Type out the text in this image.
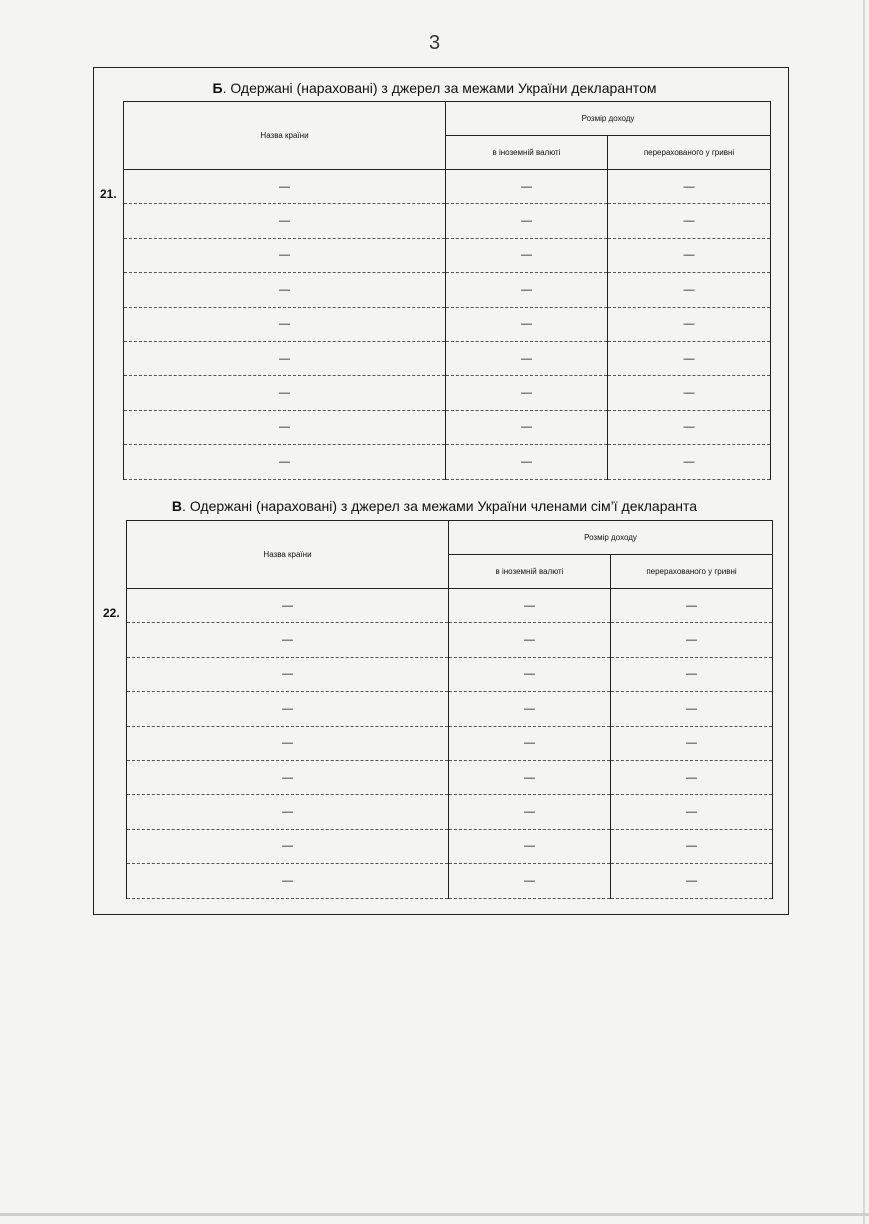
3
Б. Одержані (нараховані) з джерел за межами України декларантом
21.
Назва країни	Розмір доходу	
	в іноземній валюті	перерахованого у гривні
—	—	—
—	—	—
—	—	—
—	—	—
—	—	—
—	—	—
—	—	—
—	—	—
—	—	—
В. Одержані (нараховані) з джерел за межами України членами сім’ї декларанта
22.
Назва країни	Розмір доходу	
	в іноземній валюті	перерахованого у гривні
—	—	—
—	—	—
—	—	—
—	—	—
—	—	—
—	—	—
—	—	—
—	—	—
—	—	—
